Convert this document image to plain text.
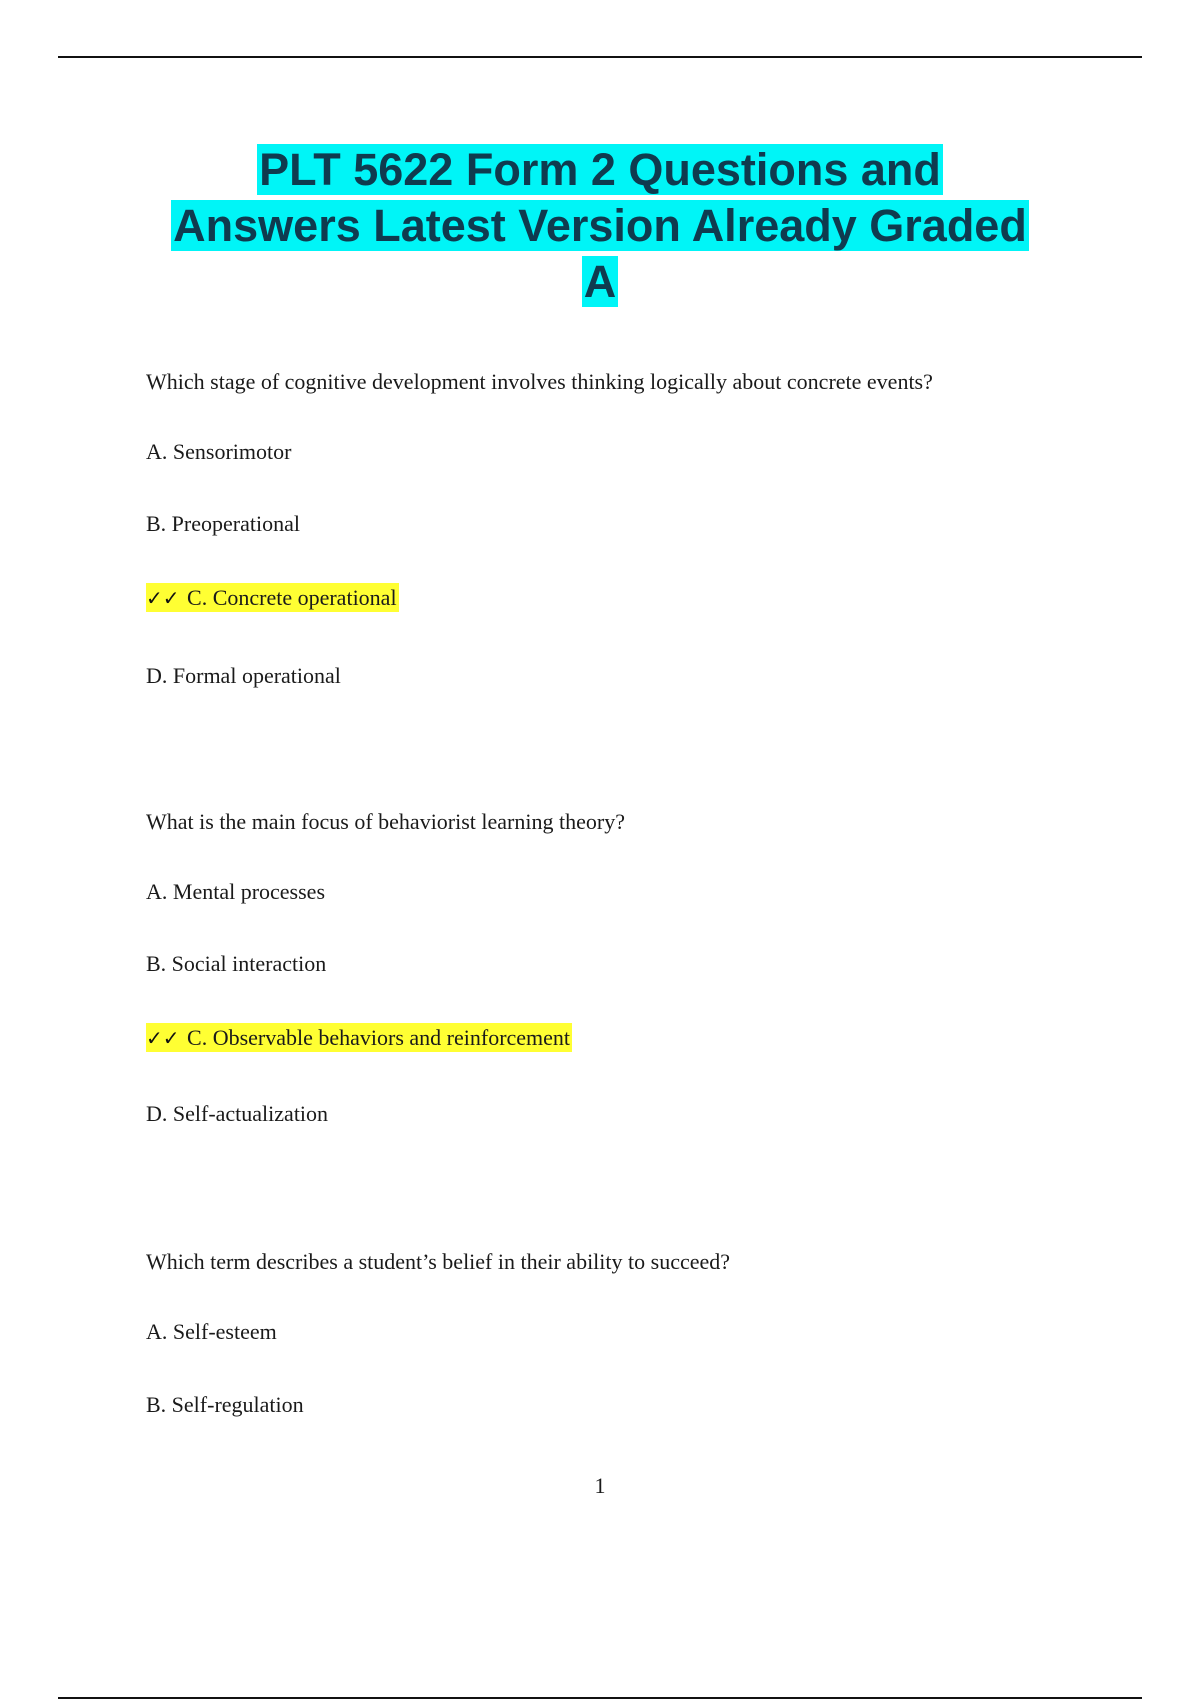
PLT 5622 Form 2 Questions and
Answers Latest Version Already Graded
A
Which stage of cognitive development involves thinking logically about concrete events?
A. Sensorimotor
B. Preoperational
✓✓ C. Concrete operational
D. Formal operational
What is the main focus of behaviorist learning theory?
A. Mental processes
B. Social interaction
✓✓ C. Observable behaviors and reinforcement
D. Self-actualization
Which term describes a student’s belief in their ability to succeed?
A. Self-esteem
B. Self-regulation
1
